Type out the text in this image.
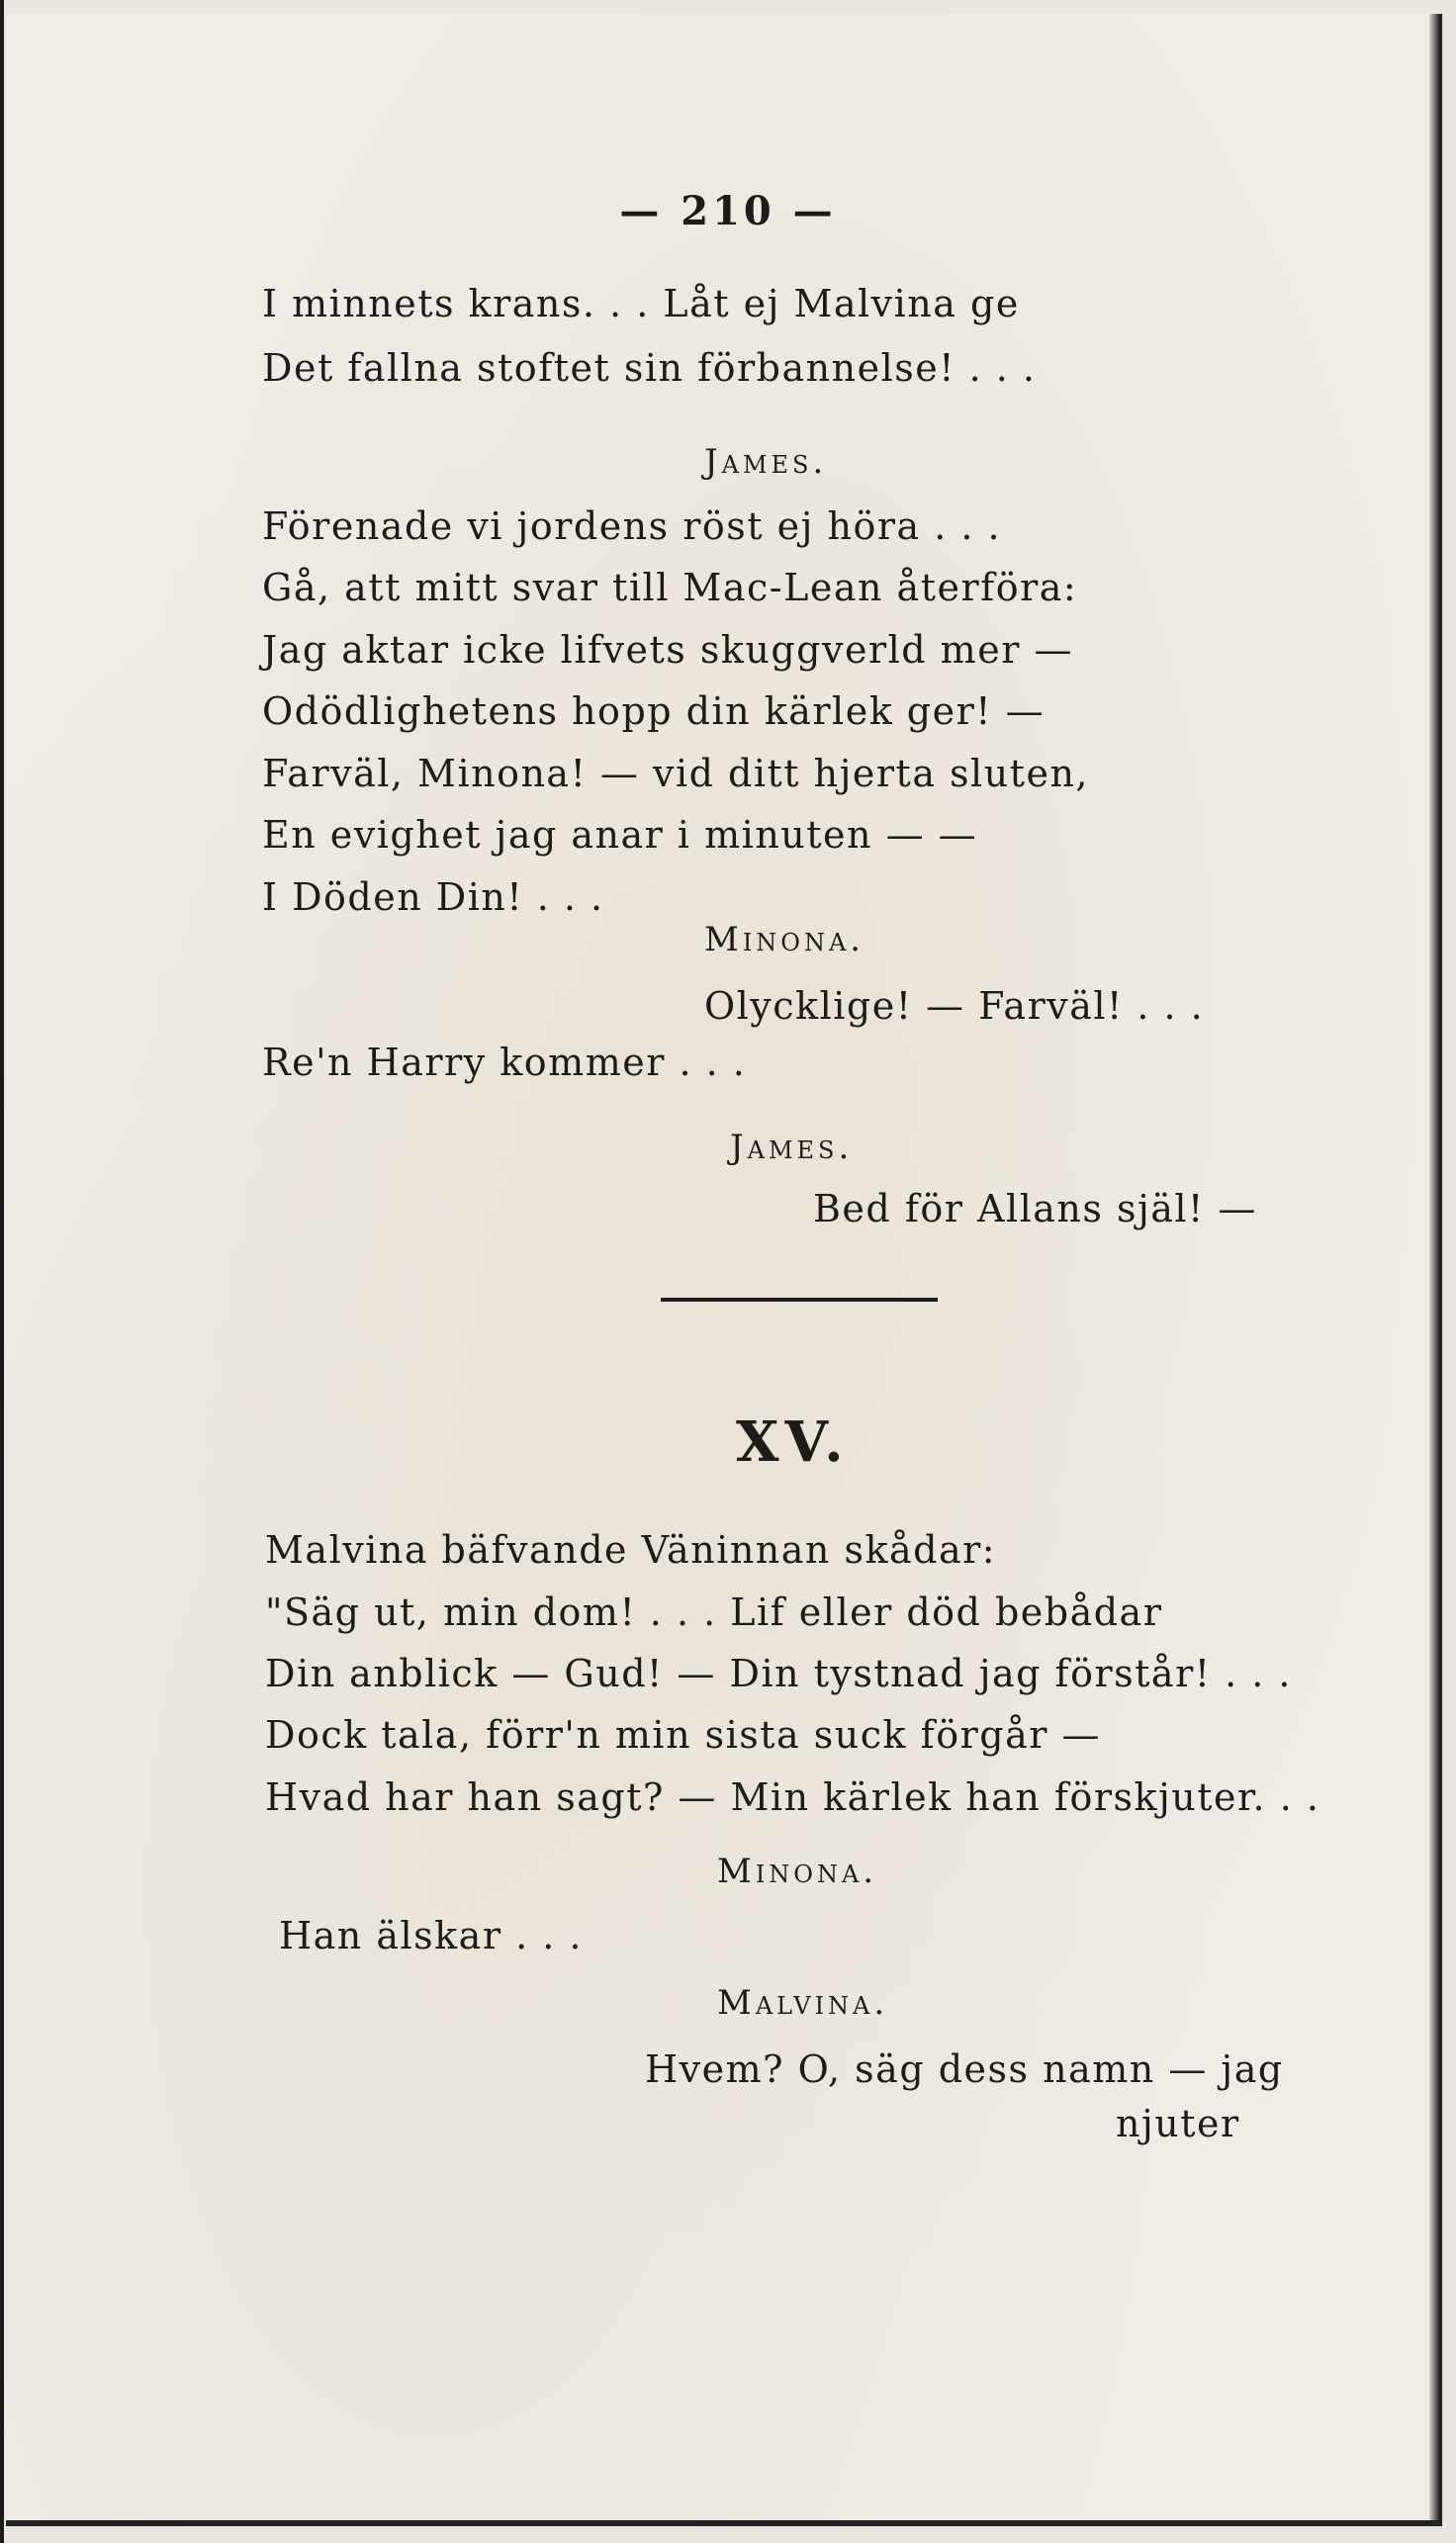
— 210 —
I minnets krans. . . Låt ej Malvina ge
Det fallna stoftet sin förbannelse! . . .
James.
Förenade vi jordens röst ej höra . . .
Gå, att mitt svar till Mac-Lean återföra:
Jag aktar icke lifvets skuggverld mer —
Odödlighetens hopp din kärlek ger! —
Farväl, Minona! — vid ditt hjerta sluten,
En evighet jag anar i minuten — —
I Döden Din! . . .
Minona.
Olycklige! — Farväl! . . .
Re'n Harry kommer . . .
James.
Bed för Allans själ! —
XV.
Malvina bäfvande Väninnan skådar:
"Säg ut, min dom! . . . Lif eller död bebådar
Din anblick — Gud! — Din tystnad jag förstår! . . .
Dock tala, förr'n min sista suck förgår —
Hvad har han sagt? — Min kärlek han förskjuter. . .
Minona.
Han älskar . . .
Malvina.
Hvem? O, säg dess namn — jag
njuter
